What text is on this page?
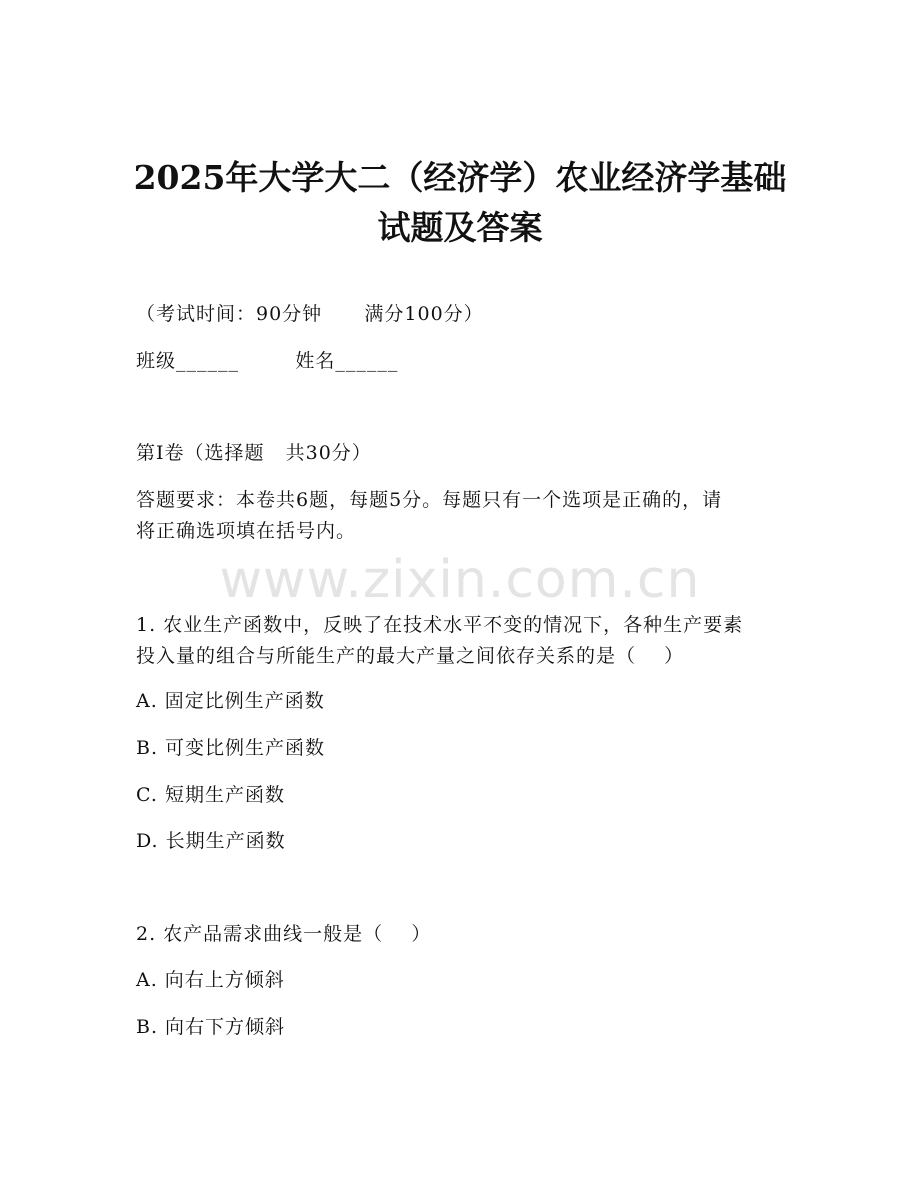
2025年大学大二（经济学）农业经济学基础
试题及答案

（考试时间：90分钟      满分100分）

班级______        姓名______

第Ⅰ卷（选择题   共30分）

答题要求：本卷共6题，每题5分。每题只有一个选项是正确的，请

将正确选项填在括号内。

www.zixin.com.cn

1. 农业生产函数中，反映了在技术水平不变的情况下，各种生产要素

投入量的组合与所能生产的最大产量之间依存关系的是（    ）

A. 固定比例生产函数

B. 可变比例生产函数

C. 短期生产函数

D. 长期生产函数

2. 农产品需求曲线一般是（    ）

A. 向右上方倾斜

B. 向右下方倾斜
